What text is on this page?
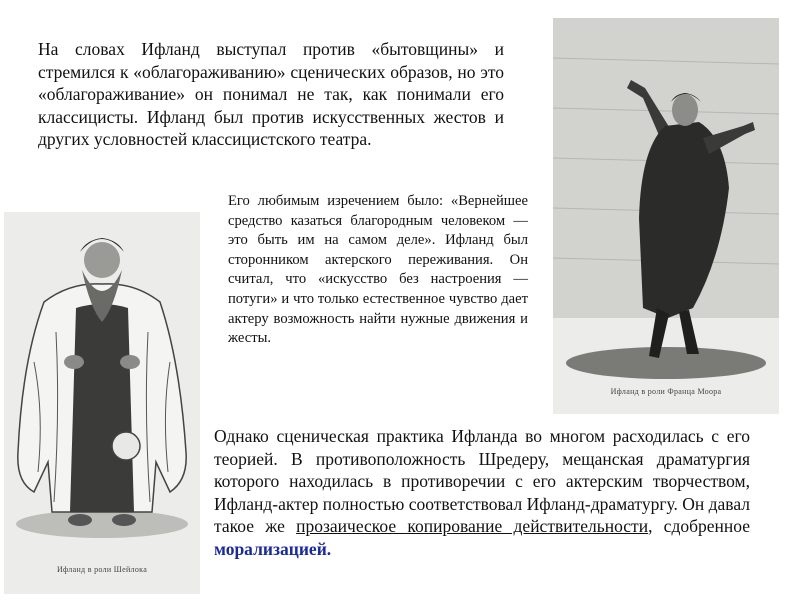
На словах Ифланд выступал против «бытовщины» и стремился к «облагораживанию» сценических образов, но это «облагораживание» он понимал не так, как понимали его классицисты. Ифланд был против искусственных жестов и других условностей классицистского театра.

Ифланд в роли Франца Моора

Его любимым изречением было: «Вернейшее средство казаться благородным человеком — это быть им на самом деле». Ифланд был сторонником актерского переживания. Он считал, что «искусство без настроения — потуги» и что только естественное чувство дает актеру возможность найти нужные движения и жесты.

Ифланд в роли Шейлока

Однако сценическая практика Ифланда во многом расходилась с его теорией. В противоположность Шредеру, мещанская драматургия которого находилась в противоречии с его актерским творчеством, Ифланд-актер полностью соответствовал Ифланд-драматургу. Он давал такое же прозаическое копирование действительности, сдобренное морализацией.
